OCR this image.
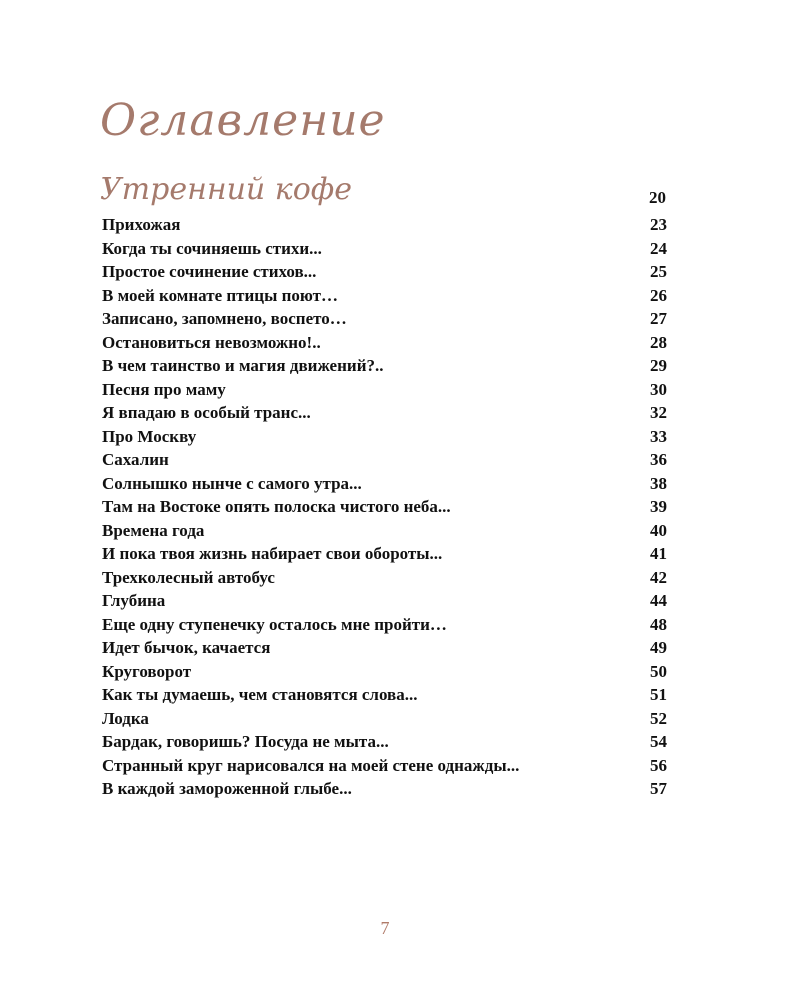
Оглавление
Утренний кофе	20
Прихожая	23
Когда ты сочиняешь стихи...	24
Простое сочинение стихов...	25
В моей комнате птицы поют…	26
Записано, запомнено, воспето…	27
Остановиться невозможно!..	28
В чем таинство и магия движений?..	29
Песня про маму	30
Я впадаю в особый транс...	32
Про Москву	33
Сахалин	36
Солнышко нынче с самого утра...	38
Там на Востоке опять полоска чистого неба...	39
Времена года	40
И пока твоя жизнь набирает свои обороты...	41
Трехколесный автобус	42
Глубина	44
Еще одну ступенечку осталось мне пройти…	48
Идет бычок, качается	49
Круговорот	50
Как ты думаешь, чем становятся слова...	51
Лодка	52
Бардак, говоришь? Посуда не мыта...	54
Странный круг нарисовался на моей стене однажды...	56
В каждой замороженной глыбе...	57
7
